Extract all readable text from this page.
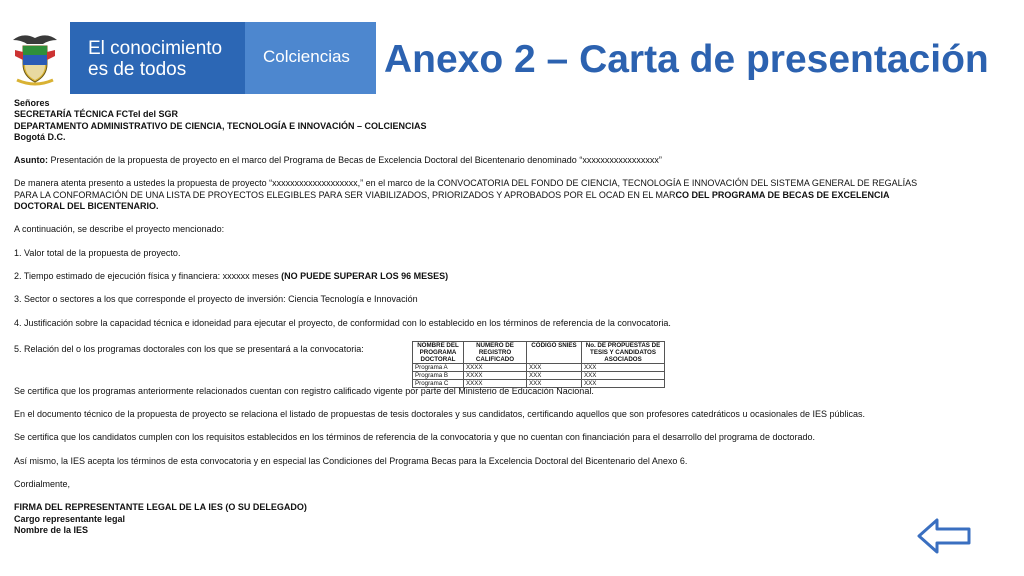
El conocimiento
es de todos
Colciencias Anexo 2 – Carta de presentación

Señores

SECRETARÍA TÉCNICA FCTeI del SGR

DEPARTAMENTO ADMINISTRATIVO DE CIENCIA, TECNOLOGÍA E INNOVACIÓN – COLCIENCIAS

Bogotá D.C.

Asunto: Presentación de la propuesta de proyecto en el marco del Programa de Becas de Excelencia Doctoral del Bicentenario denominado “xxxxxxxxxxxxxxxxx”

De manera atenta presento a ustedes la propuesta de proyecto “xxxxxxxxxxxxxxxxxxx,” en el marco de la CONVOCATORIA DEL FONDO DE CIENCIA, TECNOLOGÍA E INNOVACIÓN DEL SISTEMA GENERAL DE REGALÍAS

PARA LA CONFORMACIÓN DE UNA LISTA DE PROYECTOS ELEGIBLES PARA SER VIABILIZADOS, PRIORIZADOS Y APROBADOS POR EL OCAD EN EL MARCO DEL PROGRAMA DE BECAS DE EXCELENCIA

DOCTORAL DEL BICENTENARIO.

A continuación, se describe el proyecto mencionado:

1. Valor total de la propuesta de proyecto.

2. Tiempo estimado de ejecución física y financiera: xxxxxx meses (NO PUEDE SUPERAR LOS 96 MESES)

3. Sector o sectores a los que corresponde el proyecto de inversión: Ciencia Tecnología e Innovación

4. Justificación sobre la capacidad técnica e idoneidad para ejecutar el proyecto, de conformidad con lo establecido en los términos de referencia de la convocatoria.

5. Relación del o los programas doctorales con los que se presentará a la convocatoria:	NOMBRE DEL PROGRAMA DOCTORAL	NÚMERO DE REGISTRO CALIFICADO	CÓDIGO SNIES	No. DE PROPUESTAS DE TESIS Y CANDIDATOS ASOCIADOS
Programa A	XXXX	XXX	XXX
Programa B	XXXX	XXX	XXX
Programa C	XXXX	XXX	XXX

Se certifica que los programas anteriormente relacionados cuentan con registro calificado vigente por parte del Ministerio de Educación Nacional.

En el documento técnico de la propuesta de proyecto se relaciona el listado de propuestas de tesis doctorales y sus candidatos, certificando aquellos que son profesores catedráticos u ocasionales de IES públicas.

Se certifica que los candidatos cumplen con los requisitos establecidos en los términos de referencia de la convocatoria y que no cuentan con financiación para el desarrollo del programa de doctorado.

Así mismo, la IES acepta los términos de esta convocatoria y en especial las Condiciones del Programa Becas para la Excelencia Doctoral del Bicentenario del Anexo 6.

Cordialmente,

FIRMA DEL REPRESENTANTE LEGAL DE LA IES (O SU DELEGADO)

Cargo representante legal

Nombre de la IES
